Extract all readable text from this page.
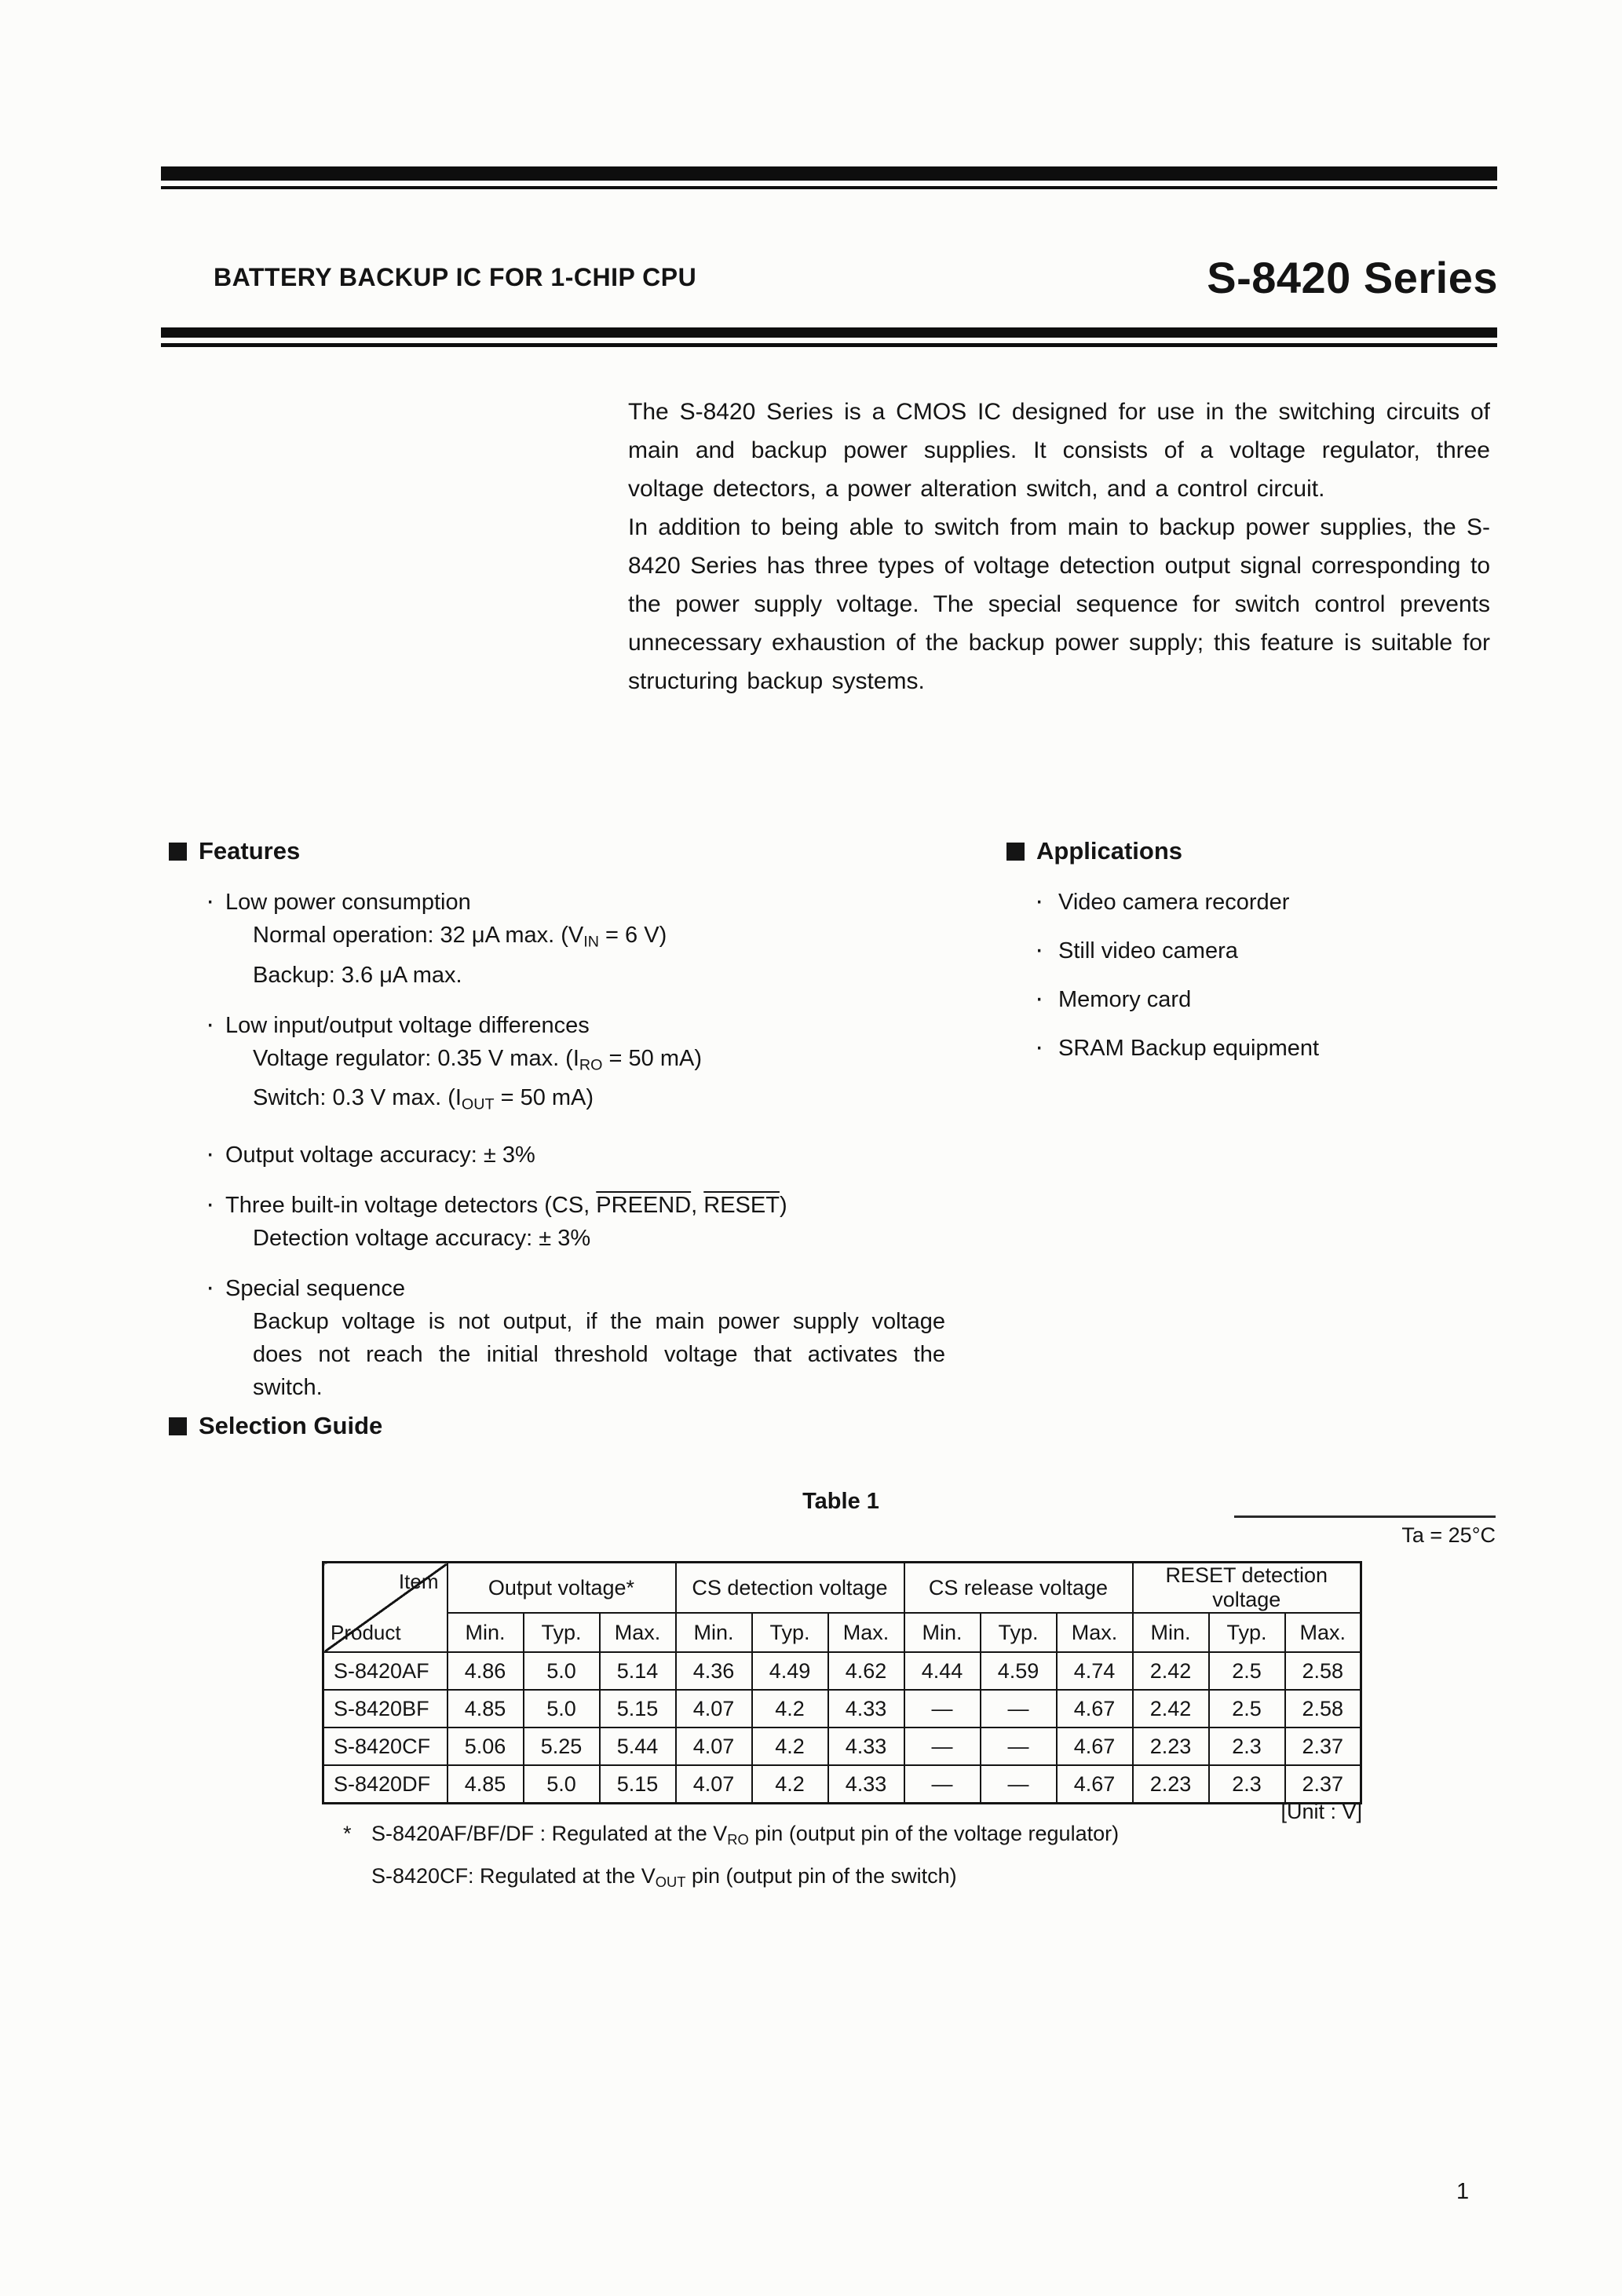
BATTERY BACKUP IC FOR 1-CHIP CPU	S-8420 Series

The S-8420 Series is a CMOS IC designed for use in the switching circuits of main and backup power supplies. It consists of a voltage regulator, three voltage detectors, a power alteration switch, and a control circuit.

In addition to being able to switch from main to backup power supplies, the S-8420 Series has three types of voltage detection output signal corresponding to the power supply voltage. The special sequence for switch control prevents unnecessary exhaustion of the backup power supply; this feature is suitable for structuring backup systems.

Features
·
Low power consumption
Normal operation: 32 μA max. (VIN = 6 V)
Backup: 3.6 μA max.
·
Low input/output voltage differences
Voltage regulator: 0.35 V max. (IRO = 50 mA)
Switch: 0.3 V max. (IOUT = 50 mA)
·
Output voltage accuracy: ± 3%
·
Three built-in voltage detectors (CS, PREEND, RESET)
Detection voltage accuracy: ± 3%
·
Special sequence
Backup voltage is not output, if the main power supply voltage does not reach the initial threshold voltage that activates the switch.
Applications
·
Video camera recorder
·
Still video camera
·
Memory card
·
SRAM Backup equipment
Selection Guide
Table 1
Ta = 25°C
Item
Product	Output voltage*			CS detection voltage			CS release voltage			RESET detection voltage		
	Min.	Typ.	Max.	Min.	Typ.	Max.	Min.	Typ.	Max.	Min.	Typ.	Max.
S-8420AF	4.86	5.0	5.14	4.36	4.49	4.62	4.44	4.59	4.74	2.42	2.5	2.58
S-8420BF	4.85	5.0	5.15	4.07	4.2	4.33	—	—	4.67	2.42	2.5	2.58
S-8420CF	5.06	5.25	5.44	4.07	4.2	4.33	—	—	4.67	2.23	2.3	2.37
S-8420DF	4.85	5.0	5.15	4.07	4.2	4.33	—	—	4.67	2.23	2.3	2.37
[Unit : V]
* S-8420AF/BF/DF : Regulated at the VRO pin (output pin of the voltage regulator)
S-8420CF: Regulated at the VOUT pin (output pin of the switch)
1
